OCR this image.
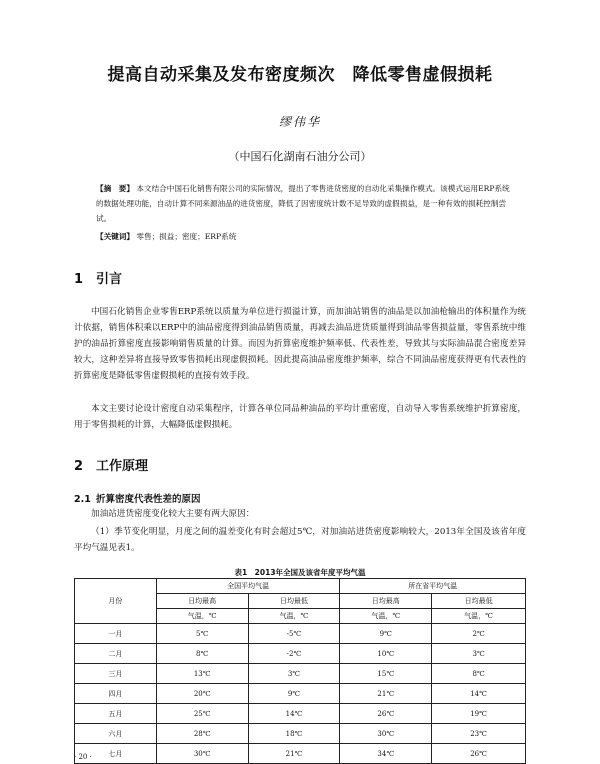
提高自动采集及发布密度频次　降低零售虚假损耗
缪伟华
（中国石化湖南石油分公司）
【摘　要】 本文结合中国石化销售有限公司的实际情况，提出了零售进货密度的自动化采集操作模式。该模式运用ERP系统的数据处理功能，自动计算不同来源油品的进货密度，降低了因密度统计数不足导致的虚假损益，是一种有效的损耗控制尝试。
【关键词】 零售；损益；密度；ERP系统
1 引言
中国石化销售企业零售ERP系统以质量为单位进行损溢计算，而加油站销售的油品是以加油枪输出的体积量作为统计依据，销售体积乘以ERP中的油品密度得到油品销售质量，再减去油品进货质量得到油品零售损益量，零售系统中维护的油品折算密度直接影响销售质量的计算。而因为折算密度维护频率低、代表性差，导致其与实际油品混合密度差异较大，这种差异将直接导致零售损耗出现虚假损耗。因此提高油品密度维护频率，综合不同油品密度获得更有代表性的折算密度是降低零售虚假损耗的直接有效手段。
本文主要讨论设计密度自动采集程序，计算各单位同品种油品的平均计重密度，自动导入零售系统维护折算密度，用于零售损耗的计算，大幅降低虚假损耗。
2 工作原理
2.1 折算密度代表性差的原因
加油站进货密度变化较大主要有两大原因：
（1）季节变化明显，月度之间的温差变化有时会超过5℃，对加油站进货密度影响较大，2013年全国及该省年度平均气温见表1。
表1　2013年全国及该省年度平均气温
月份	全国平均气温		所在省平均气温	
	日均最高	日均最低	日均最高	日均最低
	气温，℃	气温，℃	气温，℃	气温，℃
一月	5℃	-5℃	9℃	2℃
二月	8℃	-2℃	10℃	3℃
三月	13℃	3℃	15℃	8℃
四月	20℃	9℃	21℃	14℃
五月	25℃	14℃	26℃	19℃
六月	28℃	18℃	30℃	23℃
七月	30℃	21℃	34℃	26℃
· 20 ·
